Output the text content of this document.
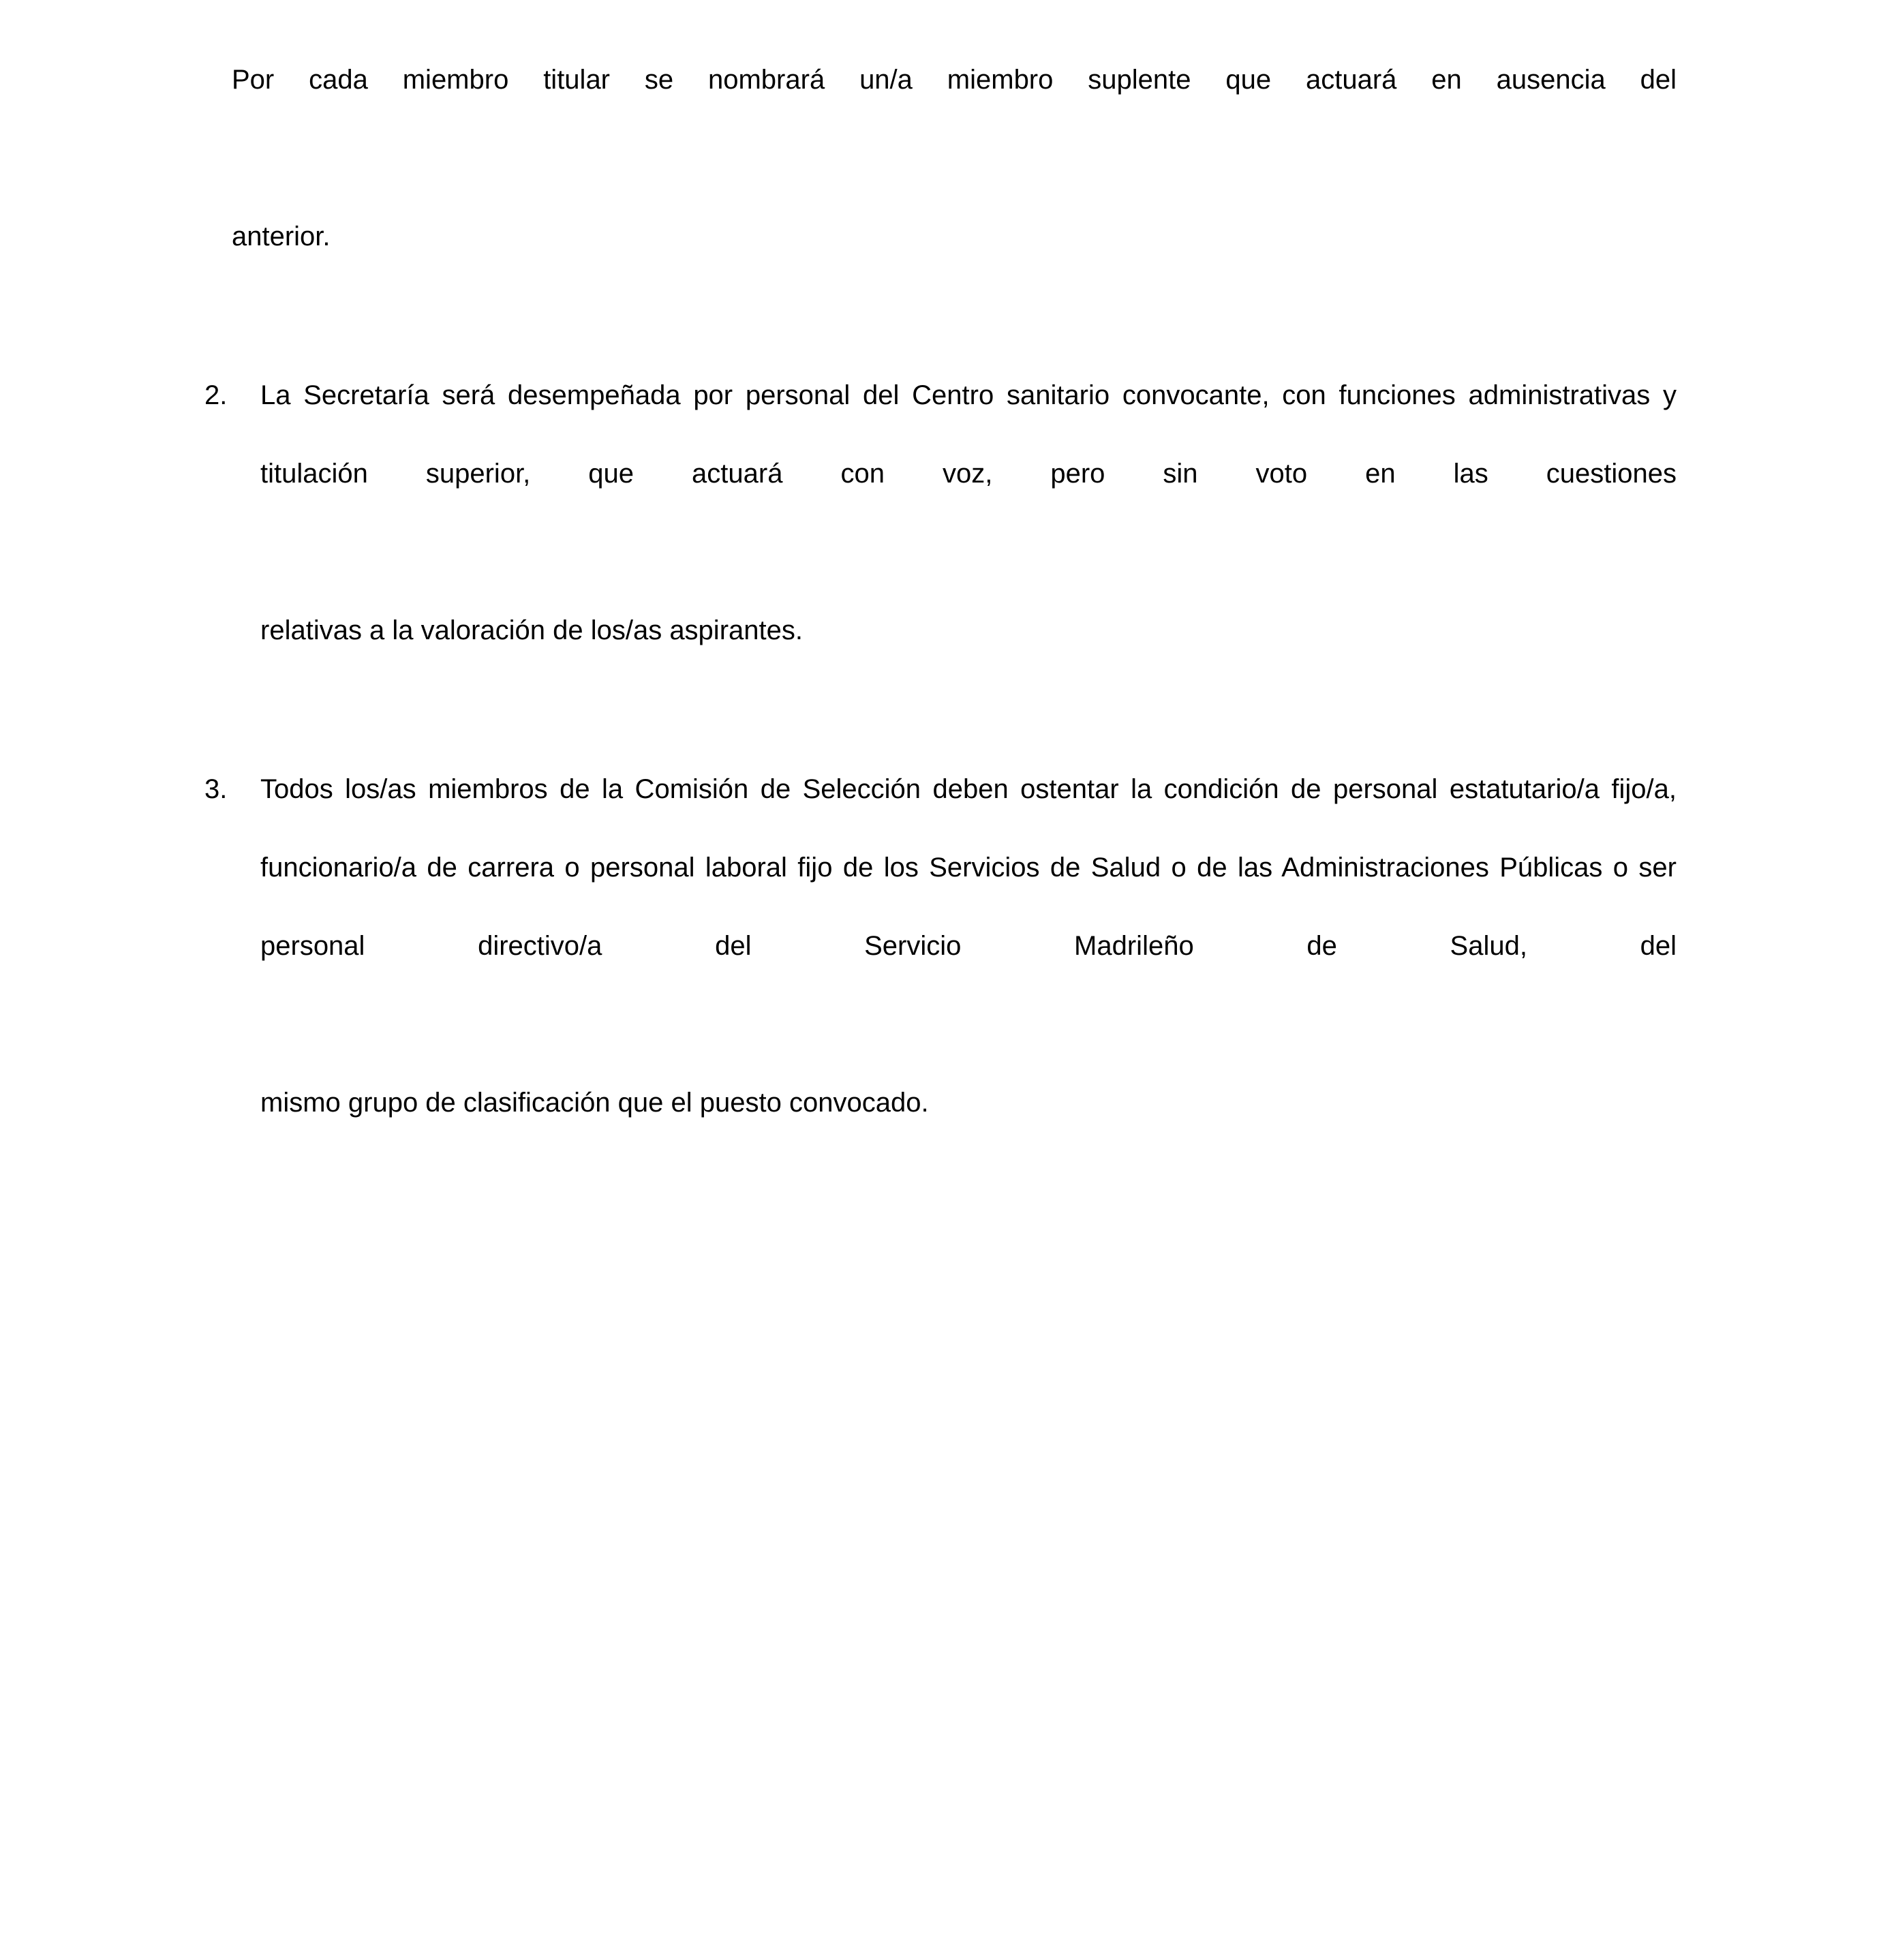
Por cada miembro titular se nombrará un/a miembro suplente que actuará en ausencia del
anterior.

2.	La Secretaría será desempeñada por personal del Centro sanitario convocante, con funciones administrativas y titulación superior, que actuará con voz, pero sin voto en las cuestiones
relativas a la valoración de los/as aspirantes.
3.	Todos los/as miembros de la Comisión de Selección deben ostentar la condición de personal estatutario/a fijo/a, funcionario/a de carrera o personal laboral fijo de los Servicios de Salud o de las Administraciones Públicas o ser personal directivo/a del Servicio Madrileño de Salud, del
mismo grupo de clasificación que el puesto convocado.
